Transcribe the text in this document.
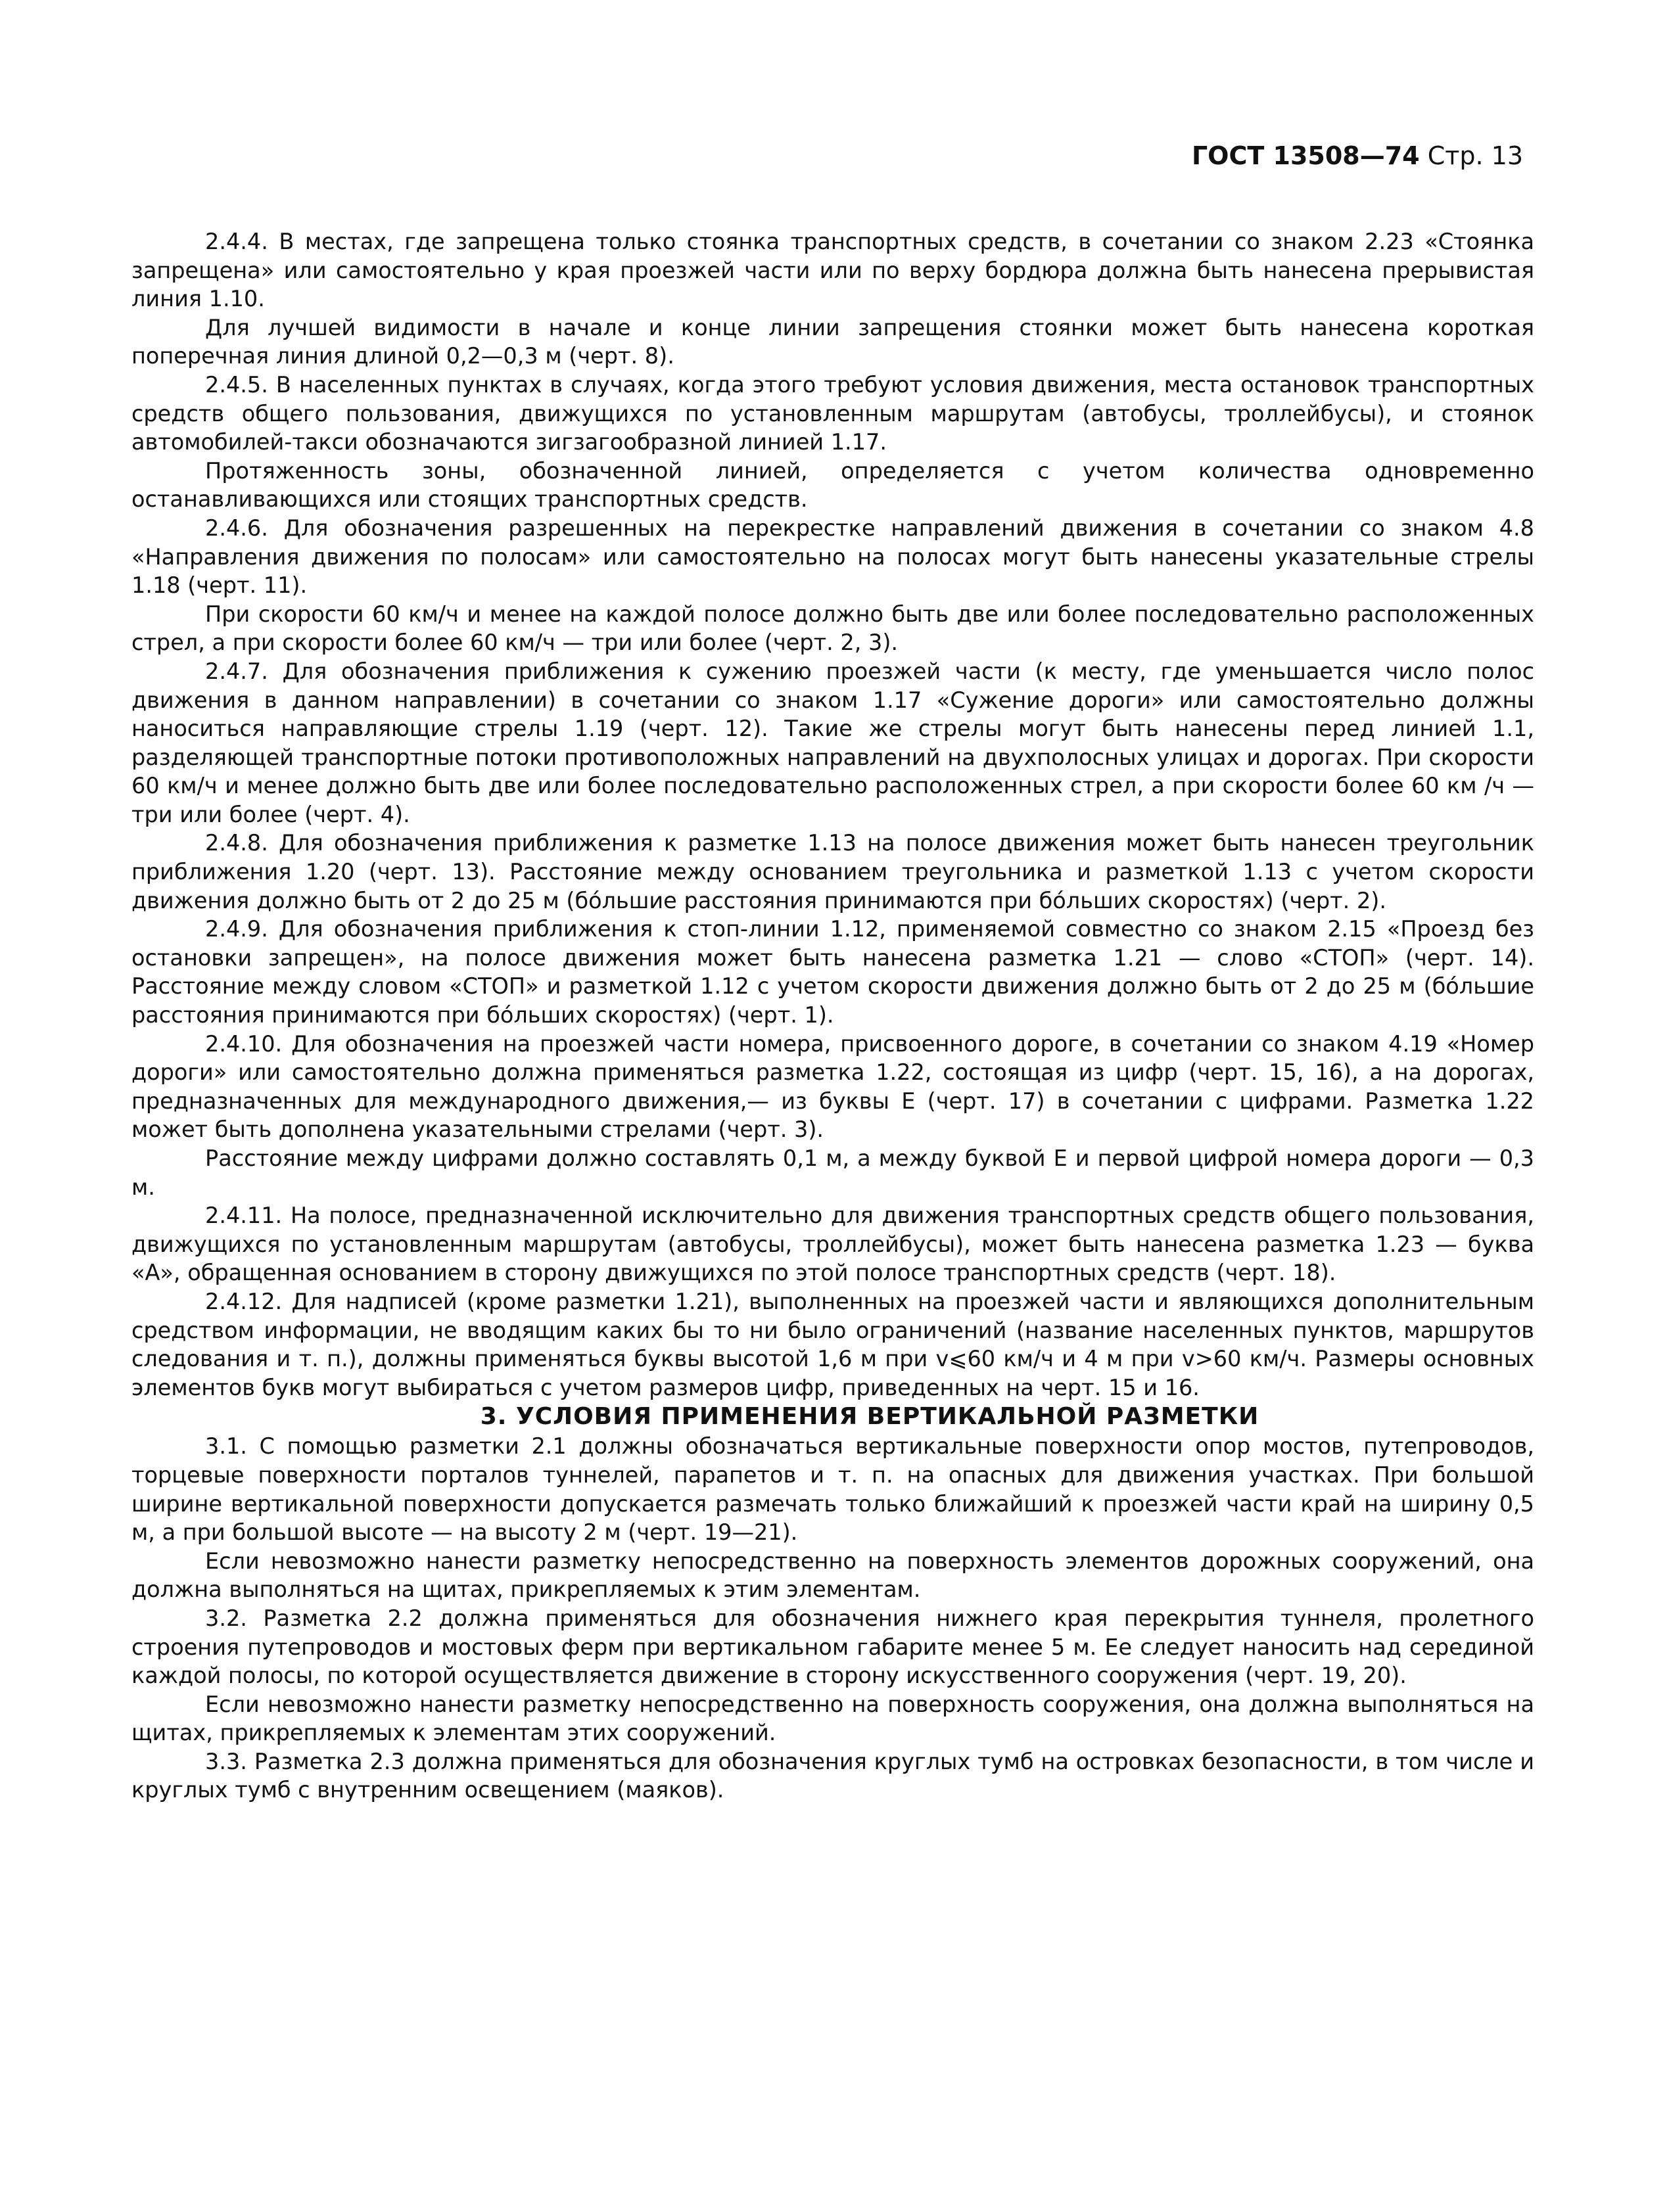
ГОСТ 13508—74 Стр. 13

2.4.4. В местах, где запрещена только стоянка транспортных средств, в сочетании со знаком 2.23 «Стоянка запрещена» или самостоятельно у края проезжей части или по верху бордюра должна быть нанесена прерывистая линия 1.10.

Для лучшей видимости в начале и конце линии запрещения стоянки может быть нанесена короткая поперечная линия длиной 0,2—0,3 м (черт. 8).

2.4.5. В населенных пунктах в случаях, когда этого требуют условия движения, места остановок транспортных средств общего пользования, движущихся по установленным маршрутам (автобусы, троллейбусы), и стоянок автомобилей-такси обозначаются зигзагообразной линией 1.17.

Протяженность зоны, обозначенной линией, определяется с учетом количества одновременно останавливающихся или стоящих транспортных средств.

2.4.6. Для обозначения разрешенных на перекрестке направлений движения в сочетании со знаком 4.8 «Направления движения по полосам» или самостоятельно на полосах могут быть нанесены указательные стрелы 1.18 (черт. 11).

При скорости 60 км/ч и менее на каждой полосе должно быть две или более последовательно расположенных стрел, а при скорости более 60 км/ч — три или более (черт. 2, 3).

2.4.7. Для обозначения приближения к сужению проезжей части (к месту, где уменьшается число полос движения в данном направлении) в сочетании со знаком 1.17 «Сужение дороги» или самостоятельно должны наноситься направляющие стрелы 1.19 (черт. 12). Такие же стрелы могут быть нанесены перед линией 1.1, разделяющей транспортные потоки противоположных направлений на двухполосных улицах и дорогах. При скорости 60 км/ч и менее должно быть две или более последовательно расположенных стрел, а при скорости более 60 км /ч — три или более (черт. 4).

2.4.8. Для обозначения приближения к разметке 1.13 на полосе движения может быть нанесен треугольник приближения 1.20 (черт. 13). Расстояние между основанием треугольника и разметкой 1.13 с учетом скорости движения должно быть от 2 до 25 м (бóльшие расстояния принимаются при бóльших скоростях) (черт. 2).

2.4.9. Для обозначения приближения к стоп-линии 1.12, применяемой совместно со знаком 2.15 «Проезд без остановки запрещен», на полосе движения может быть нанесена разметка 1.21 — слово «СТОП» (черт. 14). Расстояние между словом «СТОП» и разметкой 1.12 с учетом скорости движения должно быть от 2 до 25 м (бóльшие расстояния принимаются при бóльших скоростях) (черт. 1).

2.4.10. Для обозначения на проезжей части номера, присвоенного дороге, в сочетании со знаком 4.19 «Номер дороги» или самостоятельно должна применяться разметка 1.22, состоящая из цифр (черт. 15, 16), а на дорогах, предназначенных для международного движения,— из буквы Е (черт. 17) в сочетании с цифрами. Разметка 1.22 может быть дополнена указательными стрелами (черт. 3).

Расстояние между цифрами должно составлять 0,1 м, а между буквой Е и первой цифрой номера дороги — 0,3 м.

2.4.11. На полосе, предназначенной исключительно для движения транспортных средств общего пользования, движущихся по установленным маршрутам (автобусы, троллейбусы), может быть нанесена разметка 1.23 — буква «А», обращенная основанием в сторону движущихся по этой полосе транспортных средств (черт. 18).

2.4.12. Для надписей (кроме разметки 1.21), выполненных на проезжей части и являющихся дополнительным средством информации, не вводящим каких бы то ни было ограничений (название населенных пунктов, маршрутов следования и т. п.), должны применяться буквы высотой 1,6 м при v⩽60 км/ч и 4 м при v>60 км/ч. Размеры основных элементов букв могут выбираться с учетом размеров цифр, приведенных на черт. 15 и 16.

3. УСЛОВИЯ ПРИМЕНЕНИЯ ВЕРТИКАЛЬНОЙ РАЗМЕТКИ

3.1. С помощью разметки 2.1 должны обозначаться вертикальные поверхности опор мостов, путепроводов, торцевые поверхности порталов туннелей, парапетов и т. п. на опасных для движения участках. При большой ширине вертикальной поверхности допускается размечать только ближайший к проезжей части край на ширину 0,5 м, а при большой высоте — на высоту 2 м (черт. 19—21).

Если невозможно нанести разметку непосредственно на поверхность элементов дорожных сооружений, она должна выполняться на щитах, прикрепляемых к этим элементам.

3.2. Разметка 2.2 должна применяться для обозначения нижнего края перекрытия туннеля, пролетного строения путепроводов и мостовых ферм при вертикальном габарите менее 5 м. Ее следует наносить над серединой каждой полосы, по которой осуществляется движение в сторону искусственного сооружения (черт. 19, 20).

Если невозможно нанести разметку непосредственно на поверхность сооружения, она должна выполняться на щитах, прикрепляемых к элементам этих сооружений.

3.3. Разметка 2.3 должна применяться для обозначения круглых тумб на островках безопасности, в том числе и круглых тумб с внутренним освещением (маяков).
